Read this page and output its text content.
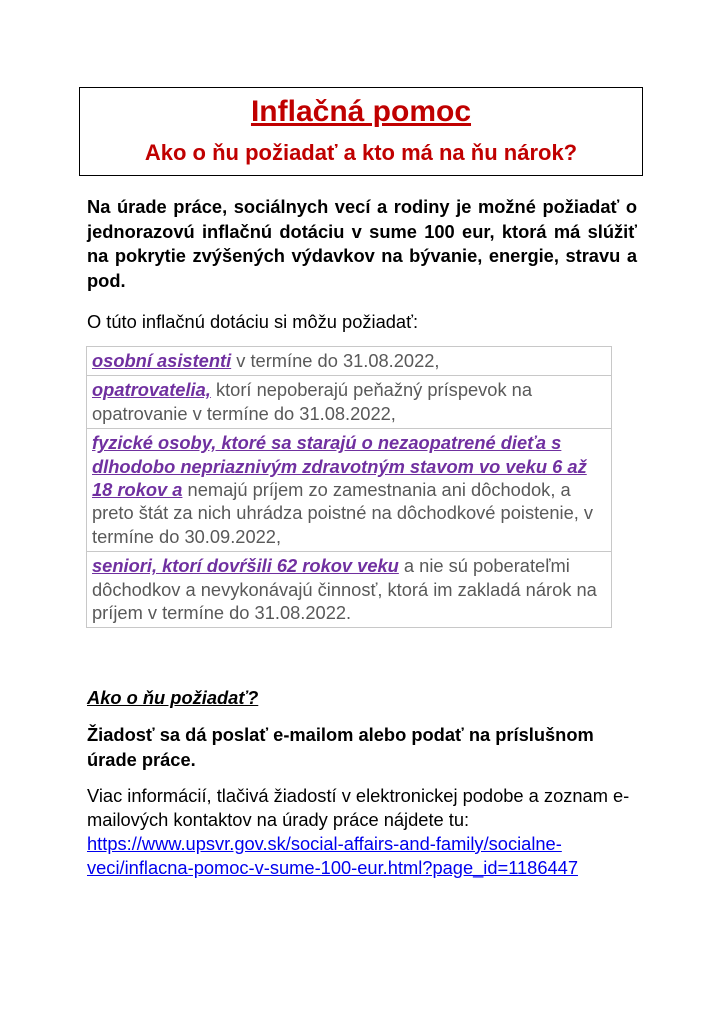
Inflačná pomoc
Ako o ňu požiadať a kto má na ňu nárok?
Na úrade práce, sociálnych vecí a rodiny je možné požiadať o jednorazovú inflačnú dotáciu v sume 100 eur, ktorá má slúžiť na pokrytie zvýšených výdavkov na bývanie, energie, stravu a pod.
O túto inflačnú dotáciu si môžu požiadať:
osobní asistenti v termíne do 31.08.2022,
opatrovatelia, ktorí nepoberajú peňažný príspevok na opatrovanie v termíne do 31.08.2022,
fyzické osoby, ktoré sa starajú o nezaopatrené dieťa s dlhodobo nepriaznivým zdravotným stavom vo veku 6 až 18 rokov a nemajú príjem zo zamestnania ani dôchodok, a preto štát za nich uhrádza poistné na dôchodkové poistenie, v termíne do 30.09.2022,
seniori, ktorí dovŕšili 62 rokov veku a nie sú poberateľmi dôchodkov a nevykonávajú činnosť, ktorá im zakladá nárok na príjem v termíne do 31.08.2022.
Ako o ňu požiadať?
Žiadosť sa dá poslať e-mailom alebo podať na príslušnom úrade práce.
Viac informácií, tlačivá žiadostí v elektronickej podobe a zoznam e-mailových kontaktov na úrady práce nájdete tu:
https://www.upsvr.gov.sk/social-affairs-and-family/socialne-veci/inflacna-pomoc-v-sume-100-eur.html?page_id=1186447
